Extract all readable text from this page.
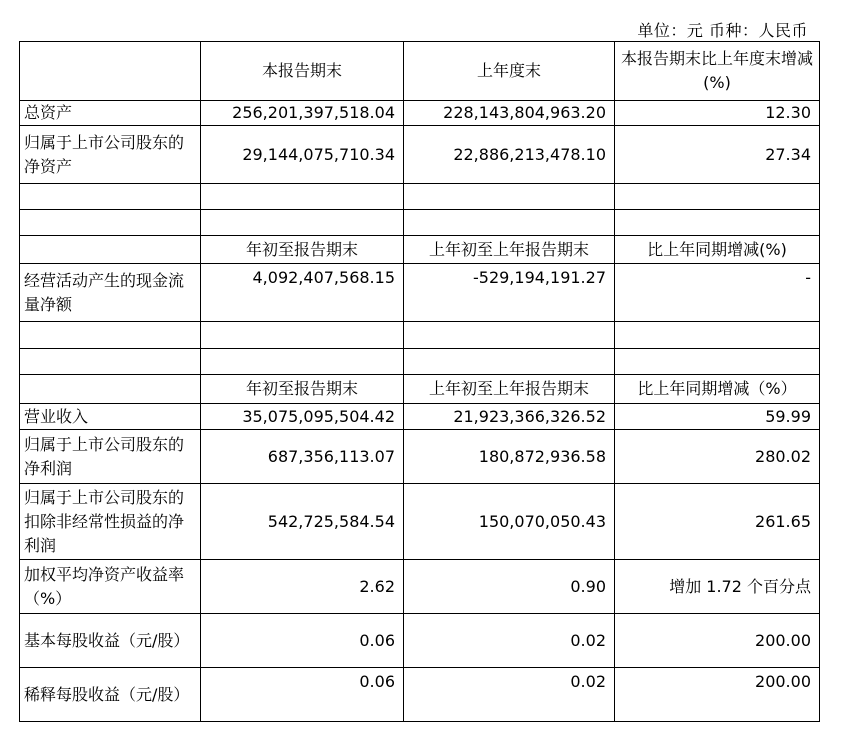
单位：元 币种：人民币
	本报告期末	上年度末	本报告期末比上年度末增减(%)
总资产	256,201,397,518.04	228,143,804,963.20	12.30
归属于上市公司股东的净资产	29,144,075,710.34	22,886,213,478.10	27.34

	年初至报告期末	上年初至上年报告期末	比上年同期增减(%)
经营活动产生的现金流量净额	4,092,407,568.15	-529,194,191.27	-

	年初至报告期末	上年初至上年报告期末	比上年同期增减（%）
营业收入	35,075,095,504.42	21,923,366,326.52	59.99
归属于上市公司股东的净利润	687,356,113.07	180,872,936.58	280.02
归属于上市公司股东的扣除非经常性损益的净利润	542,725,584.54	150,070,050.43	261.65
加权平均净资产收益率（%）	2.62	0.90	增加 1.72 个百分点
基本每股收益（元/股）	0.06	0.02	200.00
稀释每股收益（元/股）	0.06	0.02	200.00
